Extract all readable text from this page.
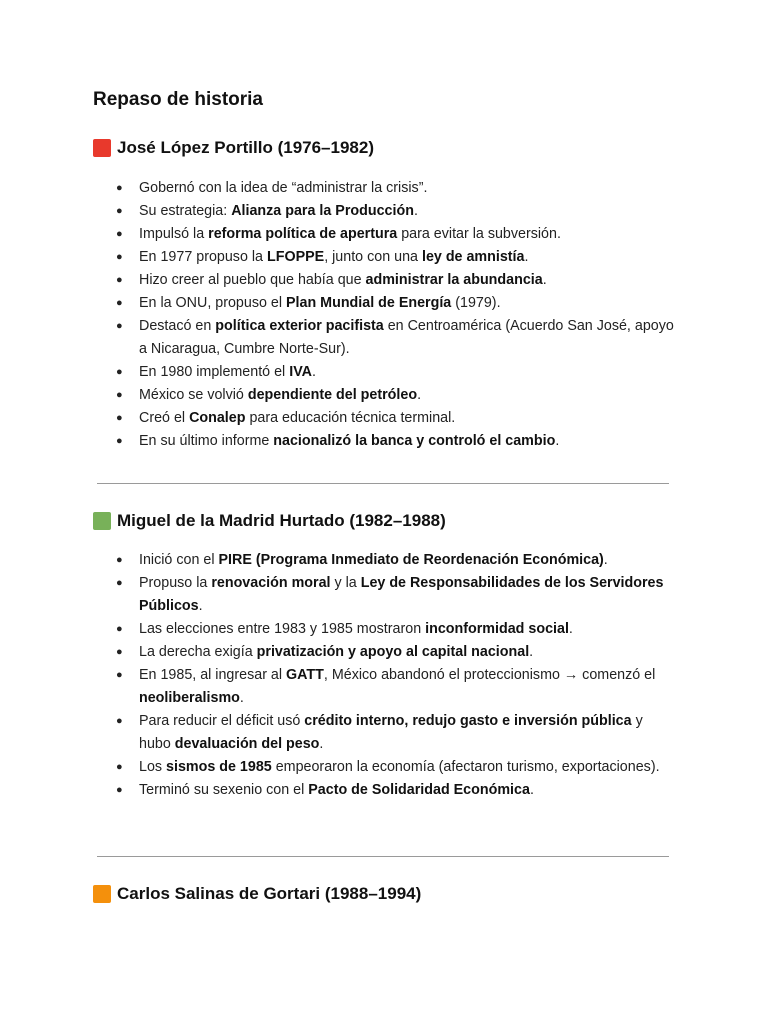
Repaso de historia
José López Portillo (1976–1982)
● Gobernó con la idea de “administrar la crisis”.
● Su estrategia: Alianza para la Producción.
● Impulsó la reforma política de apertura para evitar la subversión.
● En 1977 propuso la LFOPPE, junto con una ley de amnistía.
● Hizo creer al pueblo que había que administrar la abundancia.
● En la ONU, propuso el Plan Mundial de Energía (1979).
● Destacó en política exterior pacifista en Centroamérica (Acuerdo San José, apoyo a Nicaragua, Cumbre Norte-Sur).
● En 1980 implementó el IVA.
● México se volvió dependiente del petróleo.
● Creó el Conalep para educación técnica terminal.
● En su último informe nacionalizó la banca y controló el cambio.
Miguel de la Madrid Hurtado (1982–1988)
● Inició con el PIRE (Programa Inmediato de Reordenación Económica).
● Propuso la renovación moral y la Ley de Responsabilidades de los Servidores Públicos.
● Las elecciones entre 1983 y 1985 mostraron inconformidad social.
● La derecha exigía privatización y apoyo al capital nacional.
● En 1985, al ingresar al GATT, México abandonó el proteccionismo → comenzó el neoliberalismo.
● Para reducir el déficit usó crédito interno, redujo gasto e inversión pública y hubo devaluación del peso.
● Los sismos de 1985 empeoraron la economía (afectaron turismo, exportaciones).
● Terminó su sexenio con el Pacto de Solidaridad Económica.
Carlos Salinas de Gortari (1988–1994)
